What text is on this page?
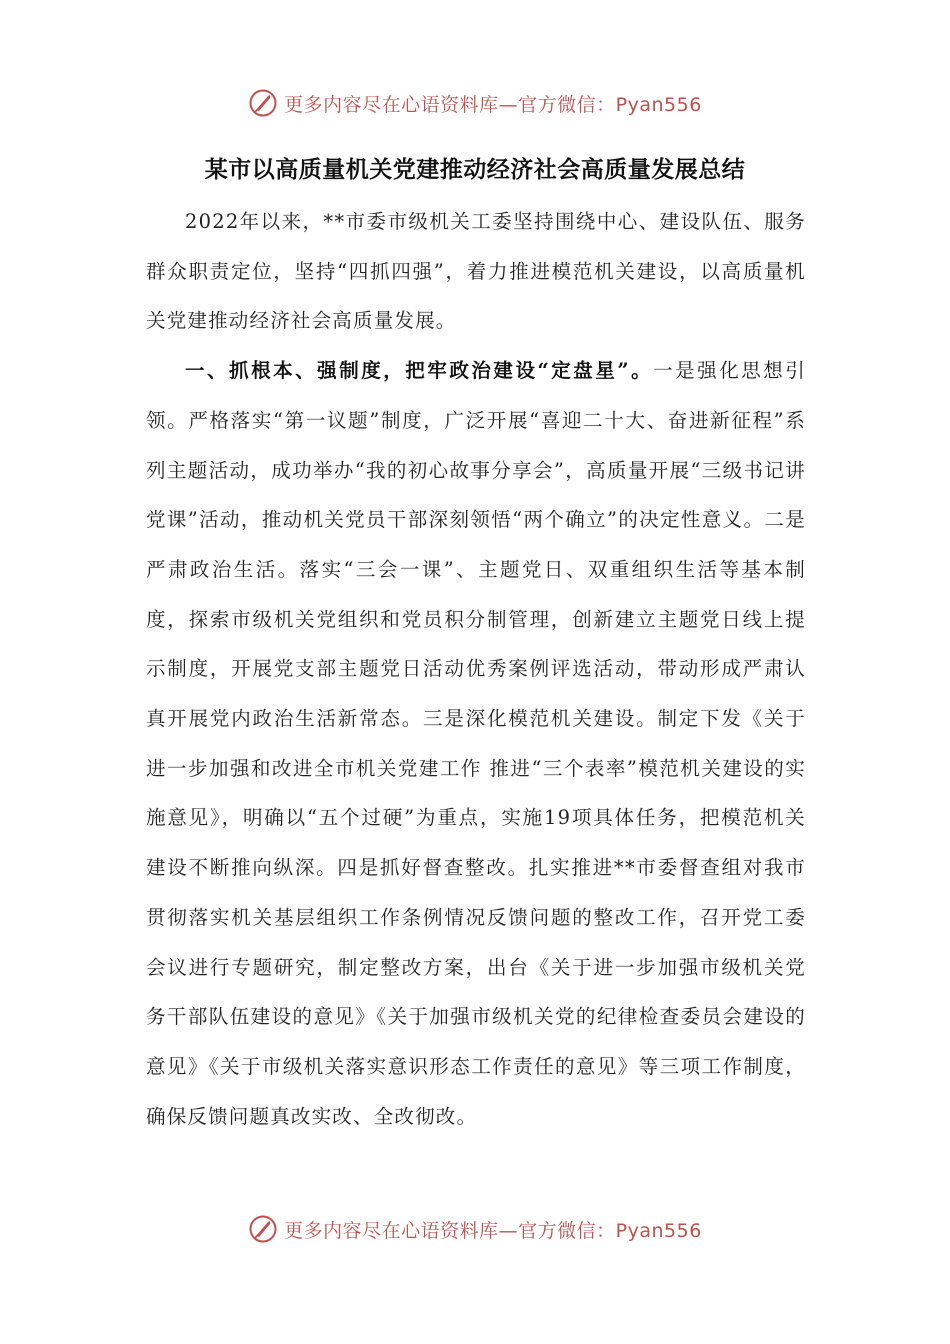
更多内容尽在心语资料库—官方微信：Pyan556
某市以高质量机关党建推动经济社会高质量发展总结

2022年以来，**市委市级机关工委坚持围绕中心、建设队伍、服务群众职责定位，坚持“四抓四强”，着力推进模范机关建设，以高质量机关党建推动经济社会高质量发展。

一、抓根本、强制度，把牢政治建设“定盘星”。一是强化思想引领。严格落实“第一议题”制度，广泛开展“喜迎二十大、奋进新征程”系列主题活动，成功举办“我的初心故事分享会”，高质量开展“三级书记讲党课”活动，推动机关党员干部深刻领悟“两个确立”的决定性意义。二是严肃政治生活。落实“三会一课”、主题党日、双重组织生活等基本制度，探索市级机关党组织和党员积分制管理，创新建立主题党日线上提示制度，开展党支部主题党日活动优秀案例评选活动，带动形成严肃认真开展党内政治生活新常态。三是深化模范机关建设。制定下发《关于进一步加强和改进全市机关党建工作 推进“三个表率”模范机关建设的实施意见》，明确以“五个过硬”为重点，实施19项具体任务，把模范机关建设不断推向纵深。四是抓好督查整改。扎实推进**市委督查组对我市贯彻落实机关基层组织工作条例情况反馈问题的整改工作，召开党工委会议进行专题研究，制定整改方案，出台《关于进一步加强市级机关党务干部队伍建设的意见》《关于加强市级机关党的纪律检查委员会建设的意见》《关于市级机关落实意识形态工作责任的意见》等三项工作制度，确保反馈问题真改实改、全改彻改。

更多内容尽在心语资料库—官方微信：Pyan556
